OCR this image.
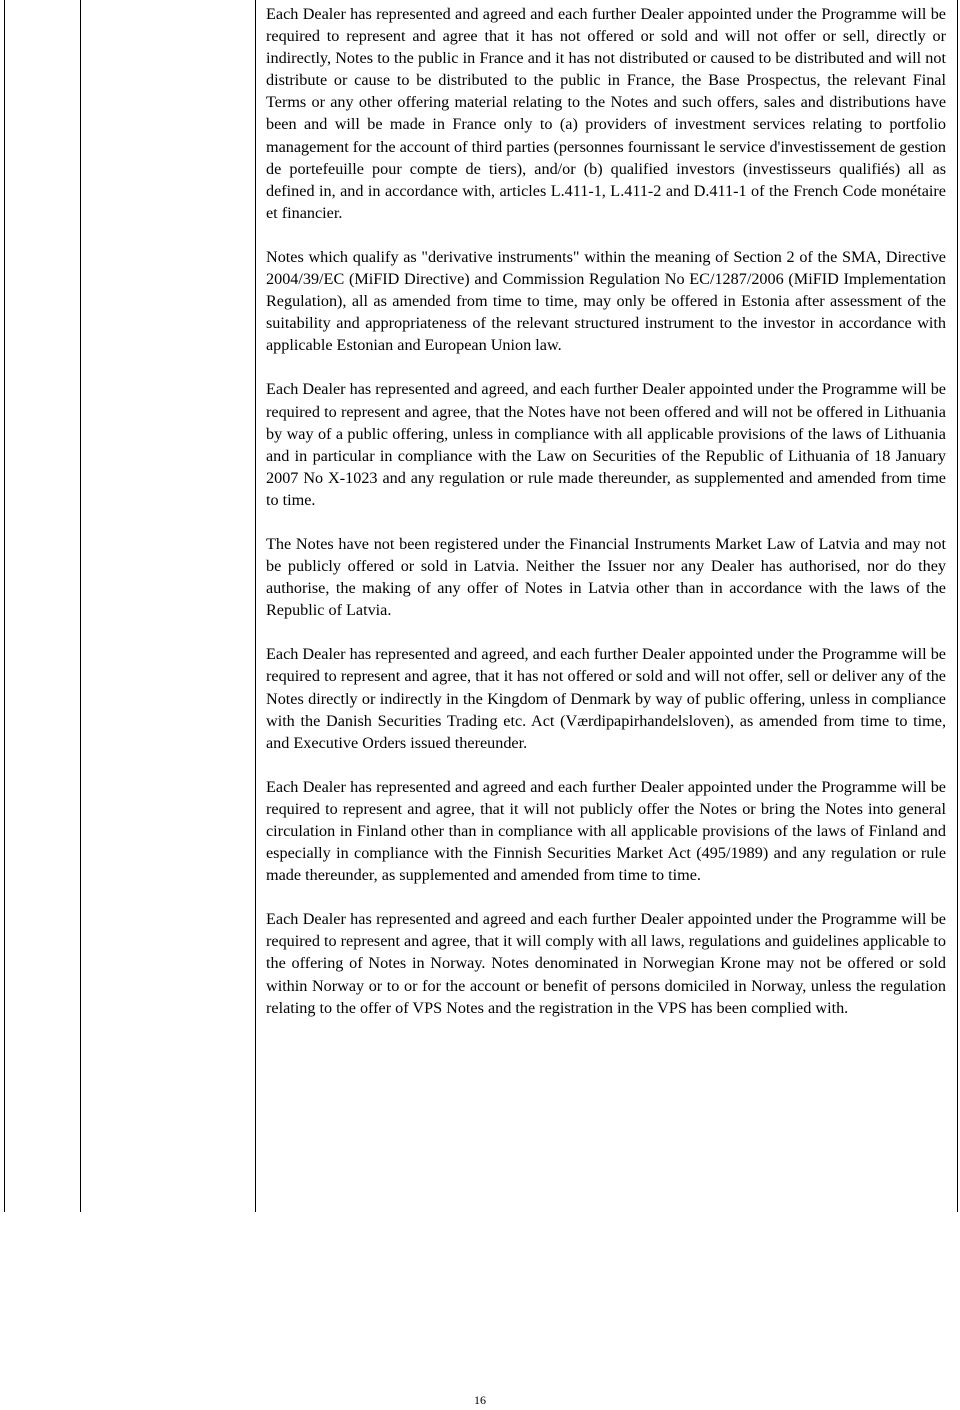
Each Dealer has represented and agreed and each further Dealer appointed under the Programme will be required to represent and agree that it has not offered or sold and will not offer or sell, directly or indirectly, Notes to the public in France and it has not distributed or caused to be distributed and will not distribute or cause to be distributed to the public in France, the Base Prospectus, the relevant Final Terms or any other offering material relating to the Notes and such offers, sales and distributions have been and will be made in France only to (a) providers of investment services relating to portfolio management for the account of third parties (personnes fournissant le service d'investissement de gestion de portefeuille pour compte de tiers), and/or (b) qualified investors (investisseurs qualifiés) all as defined in, and in accordance with, articles L.411-1, L.411-2 and D.411-1 of the French Code monétaire et financier.

Notes which qualify as "derivative instruments" within the meaning of Section 2 of the SMA, Directive 2004/39/EC (MiFID Directive) and Commission Regulation No EC/1287/2006 (MiFID Implementation Regulation), all as amended from time to time, may only be offered in Estonia after assessment of the suitability and appropriateness of the relevant structured instrument to the investor in accordance with applicable Estonian and European Union law.

Each Dealer has represented and agreed, and each further Dealer appointed under the Programme will be required to represent and agree, that the Notes have not been offered and will not be offered in Lithuania by way of a public offering, unless in compliance with all applicable provisions of the laws of Lithuania and in particular in compliance with the Law on Securities of the Republic of Lithuania of 18 January 2007 No X-1023 and any regulation or rule made thereunder, as supplemented and amended from time to time.

The Notes have not been registered under the Financial Instruments Market Law of Latvia and may not be publicly offered or sold in Latvia. Neither the Issuer nor any Dealer has authorised, nor do they authorise, the making of any offer of Notes in Latvia other than in accordance with the laws of the Republic of Latvia.

Each Dealer has represented and agreed, and each further Dealer appointed under the Programme will be required to represent and agree, that it has not offered or sold and will not offer, sell or deliver any of the Notes directly or indirectly in the Kingdom of Denmark by way of public offering, unless in compliance with the Danish Securities Trading etc. Act (Værdipapirhandelsloven), as amended from time to time, and Executive Orders issued thereunder.

Each Dealer has represented and agreed and each further Dealer appointed under the Programme will be required to represent and agree, that it will not publicly offer the Notes or bring the Notes into general circulation in Finland other than in compliance with all applicable provisions of the laws of Finland and especially in compliance with the Finnish Securities Market Act (495/1989) and any regulation or rule made thereunder, as supplemented and amended from time to time.

Each Dealer has represented and agreed and each further Dealer appointed under the Programme will be required to represent and agree, that it will comply with all laws, regulations and guidelines applicable to the offering of Notes in Norway. Notes denominated in Norwegian Krone may not be offered or sold within Norway or to or for the account or benefit of persons domiciled in Norway, unless the regulation relating to the offer of VPS Notes and the registration in the VPS has been complied with.

16
